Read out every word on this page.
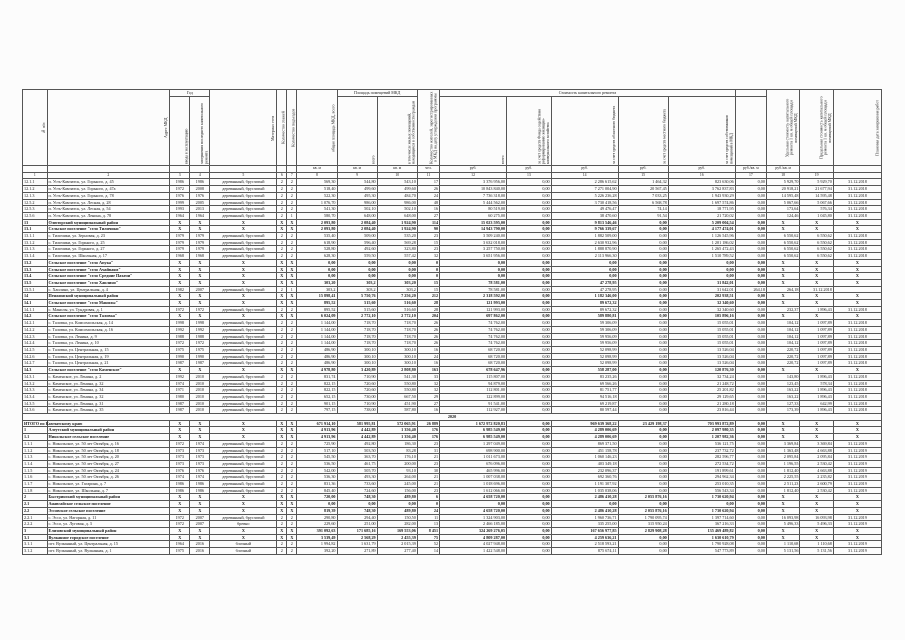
№ п/п	Адрес МКД	Год		Материал стен	Количество этажей	Количество подъездов	общая площадь МКД, всего	Площадь помещений МКД		Количество жителей, зарегистрированных в МКД на дату утверждения программы	Стоимость капитального ремонта						Удельная стоимость капитального ремонта 1 кв. м общей площади помещений МКД	Предельная стоимость капитального ремонта 1 кв. м общей площади помещений МКД	Плановая дата завершения работ
		ввода в эксплуатацию	завершения последнего капитального ремонта					всего	в том числе жилых помещений, находящихся в собственности граждан		всего	за счет средств Фонда содействия реформированию жилищно-коммунального хозяйства	за счет средств областного бюджета	за счет средств местного бюджета	за счет средств собственников помещений в МКД				
							кв. м	кв. м	кв. м	чел.	руб.	руб.	руб.	руб.	руб.	руб./кв. м	руб./кв. м		
1	2	3	4	5	6	7	8	9	10	11	12	13	14	15	16	17	18	19	
12.1.1	п. Усть-Камчатск, ул. Горького, д. 45	1986	1986	деревянный, брусчатый	2	2	569,30	544,80	543,10	17	3 376 956,00	0,00	2 286 615,62	1 464,32	823 630,06	0,00	5 929,70	5 929,70	31.12.2018
12.1.2	п. Усть-Камчатск, ул. Горького, д. 47а	1972	2008	деревянный, брусчатый	2	2	518,40	499,60	499,60	26	10 843 840,00	0,00	7 271 004,90	20 567,45	3 762 837,83	0,00	20 918,21	21 677,94	31.12.2018
12.1.3	п. Усть-Камчатск, ул. Горького, д. 78	1976	1976	деревянный, брусчатый	2	2	522,30	495,30	484,70	24	7 736 318,00	0,00	5 226 236,28	7 033,25	1 943 930,29	0,00	14 595,48	14 595,48	31.12.2018
12.5.2	п. Усть-Камчатск, ул. Лесная, д. 28	1999	2005	деревянный, брусчатый	2	2	1 076,70	986,00	986,00	48	5 444 562,00	0,00	3 730 418,56	6 568,78	1 697 574,86	0,00	5 067,66	5 067,66	31.12.2018
12.5.3	п. Усть-Камчатск, ул. Лесная, д. 54	1993	2013	деревянный, брусчатый	2	2	541,30	502,10	502,10	16	80 519,00	0,00	49 476,47	74,14	18 771,95	0,00	173,64	576,34	31.12.2018
12.5.6	п. Усть-Камчатск, ул. Ленина, д. 78	1964	1964	деревянный, брусчатый	2	1	580,70	648,00	648,00	27	60 275,00	0,00	38 470,60	91,54	21 720,02	0,00	124,46	1 045,80	31.12.2018
13	Олюторский муниципальный район	X	X	X	X	X	2 093,80	2 084,40	1 924,90	114	15 023 595,00	0,00	9 813 546,46	0,00	5 209 004,54	0,00	X	X	X
13.1	Сельское поселение "село Тиличики"	X	X	X	X	X	2 093,80	2 084,40	1 924,90	90	14 943 790,00	0,00	9 766 339,67	0,00	4 177 474,01	0,00	X	X	X
13.1.1	с. Тиличики, ул. Зерновая, д. 23	1979	1979	деревянный, брусчатый	2	2	535,40	509,00	535,20	23	3 509 240,00	0,00	1 882 509,00	0,00	1 126 545,96	0,00	6 550,62	6 550,62	31.12.2018
13.1.2	с. Тиличики, ул. Горького, д. 25	1979	1979	деревянный, брусчатый	2	2	618,90	596,40	569,28	15	3 632 018,00	0,00	2 630 932,96	0,00	1 201 186,02	0,00	6 550,62	6 550,62	31.12.2018
13.1.3	с. Тиличики, ул. Горького, д. 27	1979	1979	деревянный, брусчатый	2	2	528,80	492,60	323,80	23	3 257 750,00	0,00	1 888 870,90	0,00	1 265 472,43	0,00	6 550,62	6 550,62	31.12.2018
13.1.4	с. Тиличики, ул. Школьная, д. 17	1968	1968	деревянный, брусчатый	2	2	628,30	559,50	557,42	32	3 651 956,00	0,00	2 113 966,30	0,00	1 510 789,52	0,00	6 550,62	6 550,62	31.12.2018
13.2	Сельское поселение "село Апука"	X	X	X	X	X	0,00	0,00	0,00	0	0,00	0,00	0,00	0,00	0,00	0,00	X	X	X
13.3	Сельское поселение "село Ачайваям"	X	X	X	X	X	0,00	0,00	0,00	0	0,00	0,00	0,00	0,00	0,00	0,00	X	X	X
13.4	Сельское поселение "село Средние Пахачи"	X	X	X	X	X	0,00	0,00	0,00	0	0,00	0,00	0,00	0,00	0,00	0,00	X	X	X
13.5	Сельское поселение "село Хаилино"	X	X	X	X	X	303,20	303,2	303,20	15	78 581,00	0,00	47 278,95	0,00	31 842,01	0,00	X	X	X
13.5.1	с. Хаилино, ул. Центральная, д. 4	1982	2007	деревянный, брусчатый	2	1	303,2	303,2	303,2	15	78 581,00	0,00	47 278,95	0,00	31 642,01	264,18	264,18	31.12.2018	
14	Пенжинский муниципальный район	X	X	X	X	X	15 898,41	5 750,76	7 256,20	212	2 318 592,00	0,00	1 182 346,00	0,00	202 938,51	0,00	X	X	X
14.1	Сельское поселение "село Манилы"	X	X	X	X	X	895,52	515,60	516,60	28	121 993,00	0,00	89 672,32	0,00	32 340,60	0,00	X	X	X
14.1.1	с. Манилы, ул. Тундровая, д. 1	1972	1972	деревянный, брусчатый	2	2	895,52	515,60	516,60	28	121 993,00	0,00	89 672,32	0,00	32 340,60	0,00	232,37	1 896,43	31.12.2018
14.2	Сельское поселение "село Таловка"	X	X	X	X	X	6 024,09	2 772,10	2 772,10	204	697 862,00	0,00	589 880,81	0,00	105 896,16	0,00	X	X	X
14.2.1	с. Таловка, ул. Комсомольская, д. 14	1998	1998	деревянный, брусчатый	2	2	1 144,00	718,70	718,70	26	74 762,00	0,00	59 306,09	0,00	15 055,01	0,00	104,12	1 097,89	31.12.2018
14.2.2	с. Таловка, ул. Комсомольская, д. 16	1992	1992	деревянный, брусчатый	2	2	1 144,00	718,70	718,70	26	74 762,00	0,00	59 306,09	0,00	15 055,01	0,00	104,12	1 097,89	31.12.2018
14.2.3	с. Таловка, ул. Ленина, д. 9	1988	1988	деревянный, брусчатый	2	2	1 144,00	718,70	718,70	26	74 762,00	0,00	59 956,09	0,00	15 055,01	0,00	104,12	1 097,89	31.12.2018
14.2.4	с. Таловка, ул. Ленина, д. 10	1972	1972	деревянный, брусчатый	2	2	1 144,00	718,70	718,70	26	74 762,00	0,00	59 956,09	0,00	15 055,01	0,00	104,12	1 097,89	31.12.2018
14.2.5	с. Таловка, ул. Центральная, д. 15	1975	1975	деревянный, брусчатый	2	2	486,90	300,10	300,10	16	68 720,00	0,00	52 098,99	0,00	13 526,04	0,00	220,72	1 097,89	31.12.2018
14.2.6	с. Таловка, ул. Центральная, д. 19	1990	1990	деревянный, брусчатый	2	2	486,90	300,10	300,10	24	68 720,00	0,00	52 098,99	0,00	13 526,04	0,00	220,72	1 097,89	31.12.2018
14.2.7	с. Таловка, ул. Центральная, д. 21	1987	1987	деревянный, брусчатый	2	2	486,90	300,10	300,10	16	68 720,00	0,00	52 098,99	0,00	13 526,04	0,00	220,72	1 097,89	31.12.2018
14.3	Сельское поселение "село Каменское"	X	X	X	X	X	4 978,80	3 420,89	2 808,80	163	678 647,96	0,00	558 287,00	0,00	120 876,30	0,00	X	X	X
14.3.1	с. Каменское, ул. Ленина, д. 2	1992	2010	деревянный, брусчатый	2	2	831,74	710,90	541,30	33	115 807,00	0,00	83 235,26	0,00	32 734,24	0,00	143,80	1 896,43	31.12.2018
14.3.2	с. Каменское, ул. Ленина, д. 32	1974	2010	деревянный, брусчатый	2	2	822,15	720,60	550,80	32	94 879,00	0,00	69 566,26	0,00	21 248,72	0,00	123,45	578,34	31.12.2018
14.3.3	с. Каменское, ул. Ленина, д. 34	1971	2010	деревянный, брусчатый	2	2	822,15	720,60	550,80	32	112 801,00	0,00	81 751,77	0,00	25 201,82	0,00	163,22	1 896,43	31.12.2018
14.3.4	с. Каменское, ул. Ленина, д. 32	1980	2010	деревянный, брусчатый	2	2	652,15	730,00	667,50	29	122 899,00	0,00	94 516,18	0,00	29 129,65	0,00	163,22	1 896,43	31.12.2018
14.3.5	с. Каменское, ул. Ленина, д. 31	1987	2010	деревянный, брусчатый	2	2	901,15	710,90	451,90	27	91 541,00	0,00	69 219,87	0,00	21 280,18	0,00	127,33	642,99	31.12.2018
14.3.6	с. Каменское, ул. Ленина, д. 35	1987	2010	деревянный, брусчатый	2	2	797,15	738,00	587,80	16	112 927,00	0,00	80 597,44	0,00	23 816,44	0,00	173,39	1 896,43	31.12.2018
2020																			
ИТОГО по Камчатскому краю		X	X	X	X	X	671 914,10	581 995,81	572 065,91	26 889	1 672 972 820,83	0,00	969 639 368,22	23 429 198,37	703 993 872,89	0,00	X	X	X
1	Алеутский муниципальный район	X	X	X	X	X	4 913,96	4 442,89	1 356,40	176	6 985 549,00	0,00	4 289 006,69	0,00	2 097 980,35	0,00	X	X	X
1.1	Никольское сельское поселение	X	X	X	X	X	4 913,96	4 442,89	1 356,40	176	6 985 549,00	0,00	4 289 006,69	0,00	1 207 982,36	0,00	X	X	X
1.1.1	с. Никольское, ул. 50 лет Октября, д. 16	1972	1974	деревянный, брусчатый	2	2	725,90	492,80	186,30	23	1 297 049,00	0,00	869 371,50	0,00	536 121,75	0,00	3 369,84	3 369,84	31.12.2019
1.1.2	с. Никольское, ул. 50 лет Октября, д. 18	1973	1973	деревянный, брусчатый	2	2	517,10	503,50	83,28	31	698 900,00	0,00	451 158,78	0,00	237 732,72	0,00	1 363,48	4 663,88	31.12.2019
1.1.3	с. Никольское, ул. 50 лет Октября, д. 20	1973	1973	деревянный, брусчатый	2	2	545,50	363,70	176,10	21	1 011 673,00	0,00	1 060 146,23	0,00	282 596,77	0,00	2 095,84	2 095,84	31.12.2019
1.1.4	с. Никольское, ул. 50 лет Октября, д. 27	1973	1973	деревянный, брусчатый	2	2	536,50	461,75	200,00	23	676 096,00	0,00	403 349,18	0,00	272 534,72	0,00	1 196,55	2 530,42	31.12.2019
1.1.5	с. Никольское, ул. 50 лет Октября, д. 24	1976	1976	деревянный, брусчатый	2	2	542,00	505,70	93,10	30	465 996,00	0,00	232 096,37	0,00	191 899,61	0,00	1 812,40	4 663,88	31.12.2019
1.1.6	с. Никольское, ул. 50 лет Октября, д. 26	1974	1974	деревянный, брусчатый	2	2	536,30	493,30	264,00	21	1 007 038,00	0,00	692 360,76	0,00	294 962,34	0,00	2 225,55	2 235,82	31.12.2019
1.1.7	с. Никольское, ул. Гагарина, д. 7	1986	1986	деревянный, брусчатый	2	2	831,36	733,60	245,00	21	1 018 696,00	0,00	1 191 307,92	0,00	253 010,35	0,00	2 511,23	2 600,79	31.12.2019
1.1.8	с. Никольское, ул. Школьная, д. 7	1986	1986	деревянный, брусчатый	2	2	845,40	724,60	156,00	23	1 612 066,00	0,00	1 035 038,06	0,00	556 543,34	0,00	1 812,40	2 530,42	31.12.2019
2	Быстринский муниципальный район	X	X	X	X	X	720,00	748,30	489,80	6	4 658 720,00	0,00	2 486 410,28	2 055 876,16	1 730 620,94	0,00	X	X	X
2.1	Анавгайское сельское поселение	X	X	X	X	X	0,00	0,00	0,00	0	0,00	0,00	0,00	0,00	0,00	0,00	X	X	X
2.2	Эссовское сельское поселение	X	X	X	X	X	819,39	748,30	489,80	24	4 658 720,00	0,00	2 486 410,28	2 055 876,16	1 730 620,94	0,00	X	X	X
2.2.1	с. Эссо, ул. Нагорная, д. 11	1972	2007	деревянный, брусчатый	2	2	290,80	294,40	150,50	11	1 324 903,00	0,00	1 960 736,71	1 790 095,74	1 397 714,60	0,00	16 093,98	16 093,98	31.12.2019
2.2.2	с. Эссо, ул. Луговая, д. 3	1972	2007	бревно	2	2	229,60	251,00	282,00	13	2 466 185,00	0,00	335 255,00	315 950,24	367 216,33	0,00	5 496,33	5 496,33	31.12.2019
3	Елизовский муниципальный район	X	X	X	X	X	391 092,63	171 685,16	169 553,06	8 451	324 269 276,05	0,00	167 656 977,85	2 829 908,28	135 469 489,82	0,00	X	X	X
3.1	Вулканное городское поселение	X	X	X	X	X	3 539,49	2 568,29	2 455,39	75	4 809 287,00	0,00	4 259 636,21	0,00	1 630 610,79	0,00	X	X	X
3.1.1	пгт. Вулканный, ул. Центральная, д. 15	1964	2016	блочный	2	2	1 994,82	1 631,79	2 015,39	52	4 027 948,00	0,00	2 518 593,21	0,00	1 790 928,08	0,00	1 110,68	1 110,68	31.12.2019
3.1.2	пгт. Вулканный, ул. Вулканная, д. 1	1975	2016	блочный	2	2	392,20	271,89	277,40	14	1 422 548,00	0,00	875 674,11	0,00	547 773,89	0,00	5 131,56	5 131,56	31.12.2019
